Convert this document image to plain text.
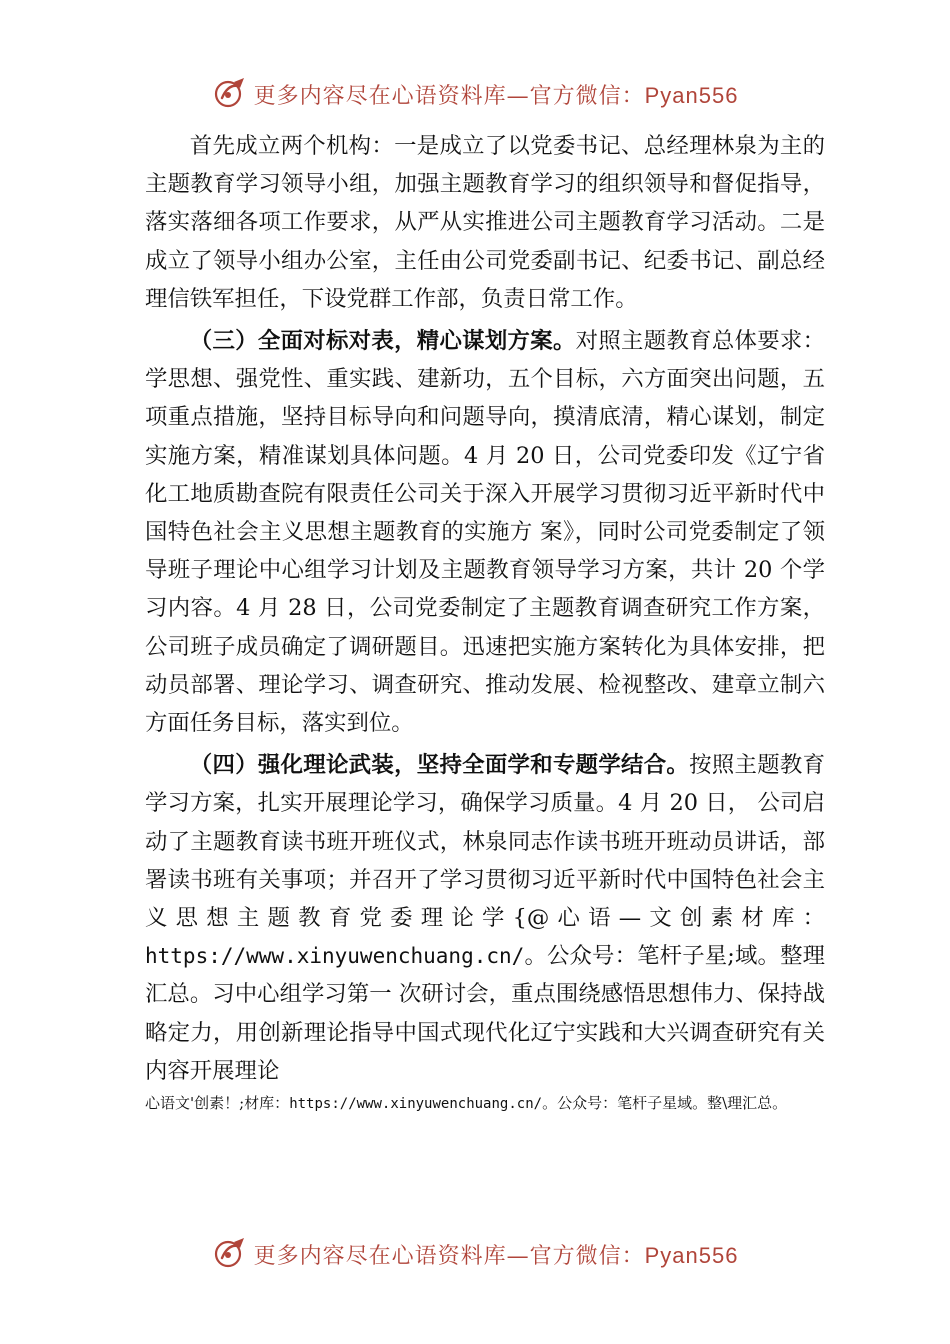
更多内容尽在心语资料库—官方微信：Pyan556

首先成立两个机构：一是成立了以党委书记、总经理林泉为主的主题教育学习领导小组，加强主题教育学习的组织领导和督促指导，落实落细各项工作要求，从严从实推进公司主题教育学习活动。二是成立了领导小组办公室，主任由公司党委副书记、纪委书记、副总经理信铁军担任，下设党群工作部，负责日常工作。

（三）全面对标对表，精心谋划方案。对照主题教育总体要求：学思想、强党性、重实践、建新功，五个目标，六方面突出问题，五项重点措施，坚持目标导向和问题导向，摸清底清，精心谋划，制定实施方案，精准谋划具体问题。4 月 20 日，公司党委印发《辽宁省化工地质勘查院有限责任公司关于深入开展学习贯彻习近平新时代中国特色社会主义思想主题教育的实施方 案》，同时公司党委制定了领导班子理论中心组学习计划及主题教育领导学习方案，共计 20 个学习内容。4 月 28 日，公司党委制定了主题教育调查研究工作方案，公司班子成员确定了调研题目。迅速把实施方案转化为具体安排，把动员部署、理论学习、调查研究、推动发展、检视整改、建章立制六方面任务目标，落实到位。

（四）强化理论武装，坚持全面学和专题学结合。按照主题教育学习方案，扎实开展理论学习，确保学习质量。4 月 20 日， 公司启动了主题教育读书班开班仪式，林泉同志作读书班开班动员讲话，部署读书班有关事项；并召开了学习贯彻习近平新时代中国特色社会主义思想主题教育党委理论学{@心语—文创素材库：https://www.xinyuwenchuang.cn/。公众号：笔杆子星;域。整理汇总。习中心组学习第一 次研讨会，重点围绕感悟思想伟力、保持战略定力，用创新理论指导中国式现代化辽宁实践和大兴调查研究有关内容开展理论

心语文'创素！;材库：https://www.xinyuwenchuang.cn/。公众号：笔杆子星域。整\理汇总。
更多内容尽在心语资料库—官方微信：Pyan556
